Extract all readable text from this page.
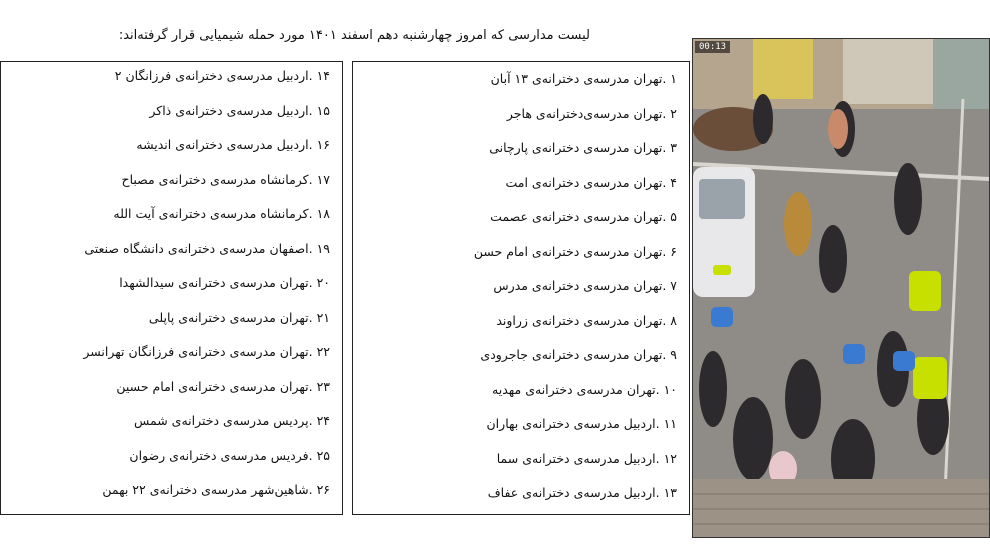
لیست مدارسی که امروز چهارشنبه دهم اسفند ۱۴۰۱ مورد حمله شیمیایی قرار گرفته‌اند:
۱ .تهران مدرسه‌ی دخترانه‌ی ۱۳ آبان
۲ .تهران مدرسه‌ی‌دخترانه‌ی هاجر
۳ .تهران مدرسه‌ی دخترانه‌ی پارچانی
۴ .تهران مدرسه‌ی دخترانه‌ی امت
۵ .تهران مدرسه‌ی دخترانه‌ی عصمت
۶ .تهران مدرسه‌ی دخترانه‌ی امام حسن
۷ .تهران مدرسه‌ی دخترانه‌ی مدرس
۸ .تهران مدرسه‌ی دخترانه‌ی زراوند
۹ .تهران مدرسه‌ی دخترانه‌ی جاجرودی
۱۰ .تهران مدرسه‌ی دخترانه‌ی مهدیه
۱۱ .اردبیل مدرسه‌ی دخترانه‌ی بهاران
۱۲ .اردبیل مدرسه‌ی دخترانه‌ی سما
۱۳ .اردبیل مدرسه‌ی دخترانه‌ی عفاف
۱۴ .اردبیل مدرسه‌ی دخترانه‌ی فرزانگان ۲
۱۵ .اردبیل مدرسه‌ی دخترانه‌ی ذاکر
۱۶ .اردبیل مدرسه‌ی دخترانه‌ی اندیشه
۱۷ .کرمانشاه مدرسه‌ی دخترانه‌ی مصباح
۱۸ .کرمانشاه مدرسه‌ی دخترانه‌ی آیت الله
۱۹ .اصفهان مدرسه‌ی دخترانه‌ی دانشگاه صنعتی
۲۰ .تهران مدرسه‌ی دخترانه‌ی سیدالشهدا
۲۱ .تهران مدرسه‌ی دخترانه‌ی پاپلی
۲۲ .تهران مدرسه‌ی دخترانه‌ی فرزانگان تهرانسر
۲۳ .تهران مدرسه‌ی دخترانه‌ی امام حسین
۲۴ .پردیس مدرسه‌ی دخترانه‌ی شمس
۲۵ .فردیس مدرسه‌ی دخترانه‌ی رضوان
۲۶ .شاهین‌شهر مدرسه‌ی دخترانه‌ی ۲۲ بهمن
00:13
